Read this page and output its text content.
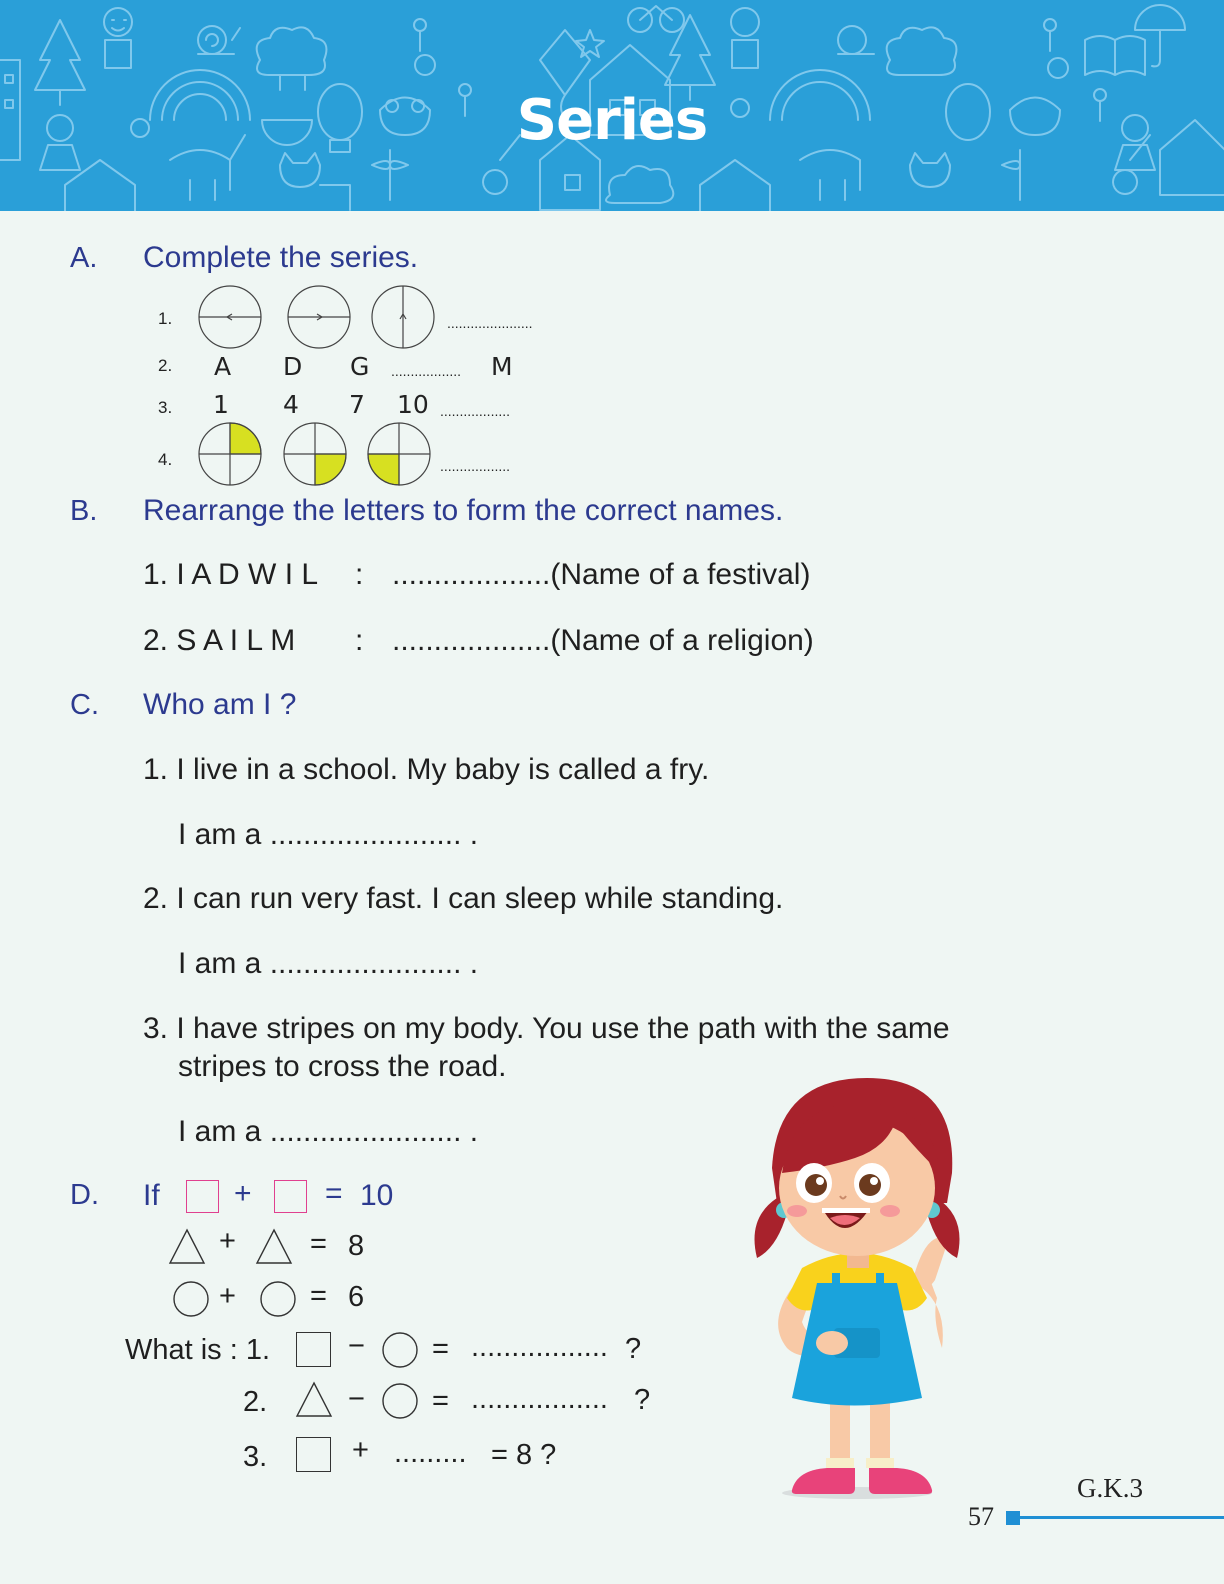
Series
A. Complete the series.
1.	......................
2. A D G .................. M
3. 1 4 7 10 ..................
4.	..................
B. Rearrange the letters to form the correct names.
1. I A D W I L : ...................(Name of a festival)
2. S A I L M : ...................(Name of a religion)
C. Who am I ?
1. I live in a school. My baby is called a fry.
I am a ....................... .
2. I can run very fast. I can sleep while standing.
I am a ....................... .
3. I have stripes on my body. You use the path with the same
stripes to cross the road.
I am a ....................... .
D. If + = 10
+	= 8
+	= 6
What is : 1.	− = ................. ?
2.	− = ................. ?
3.	+ ......... = 8 ?
G.K.3
57
